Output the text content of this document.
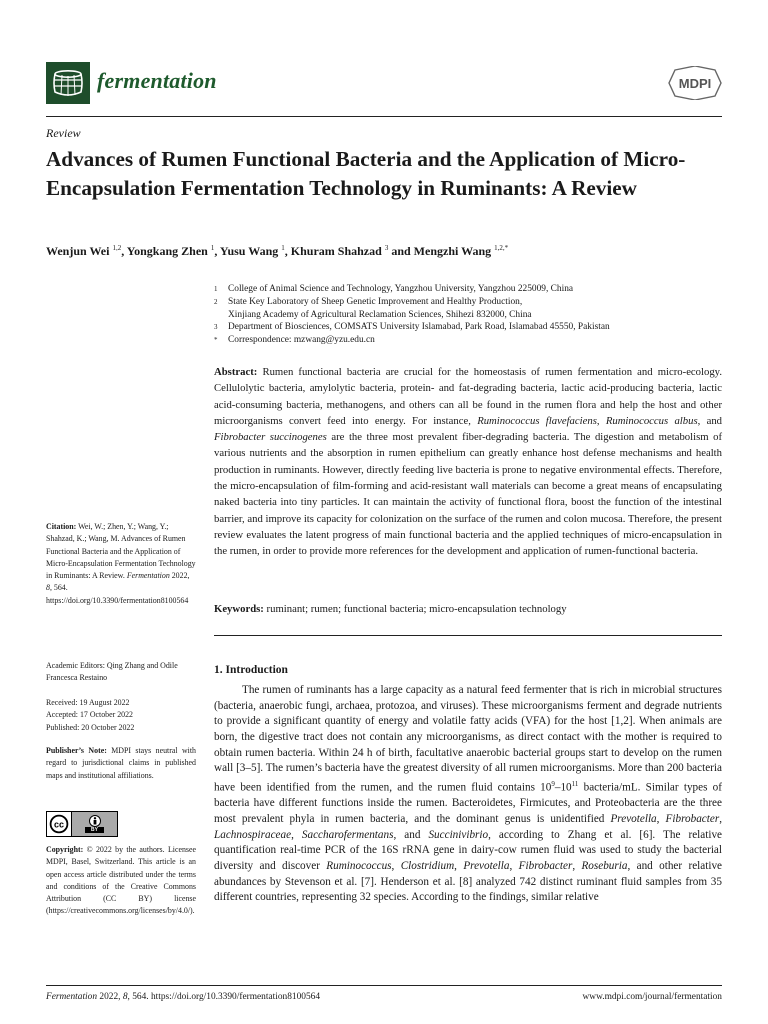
fermentation	MDPI
Review
Advances of Rumen Functional Bacteria and the Application of Micro-Encapsulation Fermentation Technology in Ruminants: A Review
Wenjun Wei $^{1,2}$, Yongkang Zhen $^1$, Yusu Wang $^1$, Khuram Shahzad $^3$ and Mengzhi Wang $^{1,2,*}$
1	College of Animal Science and Technology, Yangzhou University, Yangzhou 225009, China
2	State Key Laboratory of Sheep Genetic Improvement and Healthy Production,
Xinjiang Academy of Agricultural Reclamation Sciences, Shihezi 832000, China
3	Department of Biosciences, COMSATS University Islamabad, Park Road, Islamabad 45550, Pakistan
*	Correspondence: mzwang@yzu.edu.cn

Abstract: Rumen functional bacteria are crucial for the homeostasis of rumen fermentation and micro-ecology. Cellulolytic bacteria, amylolytic bacteria, protein- and fat-degrading bacteria, lactic acid-producing bacteria, lactic acid-consuming bacteria, methanogens, and others can all be found in the rumen flora and help the host and other microorganisms convert feed into energy. For instance, Ruminococcus flavefaciens, Ruminococcus albus, and Fibrobacter succinogenes are the three most prevalent fiber-degrading bacteria. The digestion and metabolism of various nutrients and the absorption in rumen epithelium can greatly enhance host defense mechanisms and health production in ruminants. However, directly feeding live bacteria is prone to negative environmental effects. Therefore, the micro-encapsulation of film-forming and acid-resistant wall materials can become a great means of encapsulating naked bacteria into tiny particles. It can maintain the activity of functional flora, boost the function of the intestinal barrier, and improve its capacity for colonization on the surface of the rumen and colon mucosa. Therefore, the present review evaluates the latent progress of main functional bacteria and the applied techniques of micro-encapsulation in the rumen, in order to provide more references for the development and application of rumen-functional bacteria.

Keywords: ruminant; rumen; functional bacteria; micro-encapsulation technology
Citation: Wei, W.; Zhen, Y.; Wang, Y.; Shahzad, K.; Wang, M. Advances of Rumen Functional Bacteria and the Application of Micro-Encapsulation Fermentation Technology in Ruminants: A Review. Fermentation 2022, 8, 564. https://doi.org/10.3390/fermentation8100564
Academic Editors: Qing Zhang and Odile Francesca Restaino
Received: 19 August 2022
Accepted: 17 October 2022
Published: 20 October 2022
Publisher’s Note: MDPI stays neutral with regard to jurisdictional claims in published maps and institutional affiliations.
cc
BY
Copyright: © 2022 by the authors. Licensee MDPI, Basel, Switzerland. This article is an open access article distributed under the terms and conditions of the Creative Commons Attribution (CC BY) license (https://creativecommons.org/licenses/by/4.0/).
1. Introduction

The rumen of ruminants has a large capacity as a natural feed fermenter that is rich in microbial structures (bacteria, anaerobic fungi, archaea, protozoa, and viruses). These microorganisms ferment and degrade nutrients to provide a significant quantity of energy and volatile fatty acids (VFA) for the host [1,2]. When animals are born, the digestive tract does not contain any microorganisms, as direct contact with the mother is required to obtain rumen bacteria. Within 24 h of birth, facultative anaerobic bacterial groups start to develop on the rumen wall [3–5]. The rumen’s bacteria have the greatest diversity of all rumen microorganisms. More than 200 bacteria have been identified from the rumen, and the rumen fluid contains $10^9-10^{11}$ bacteria/mL. Similar types of bacteria have different functions inside the rumen. Bacteroidetes, Firmicutes, and Proteobacteria are the three most prevalent phyla in rumen bacteria, and the dominant genus is unidentified Prevotella, Fibrobacter, Lachnospiraceae, Saccharofermentans, and Succinivibrio, according to Zhang et al. [6]. The relative quantification real-time PCR of the 16S rRNA gene in dairy-cow rumen fluid was used to study the bacterial diversity and discover Ruminococcus, Clostridium, Prevotella, Fibrobacter, Roseburia, and other relative abundances by Stevenson et al. [7]. Henderson et al. [8] analyzed 742 distinct ruminant fluid samples from 35 different countries, representing 32 species. According to the findings, similar relative

Fermentation 2022, 8, 564. https://doi.org/10.3390/fermentation8100564	www.mdpi.com/journal/fermentation
